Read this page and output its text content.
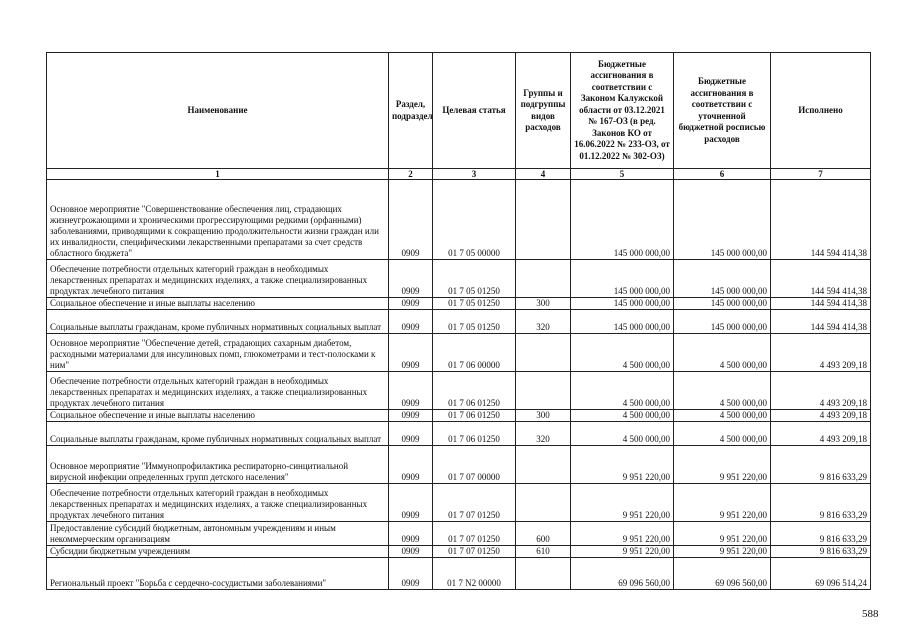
Наименование	Раздел, подраздел	Целевая статья	Группы и подгруппы видов расходов	Бюджетные ассигнования в соответствии с Законом Калужской области от 03.12.2021 № 167-ОЗ (в ред. Законов КО от 16.06.2022 № 233-ОЗ, от 01.12.2022 № 302-ОЗ)	Бюджетные ассигнования в соответствии с уточненной бюджетной росписью расходов	Исполнено
1	2	3	4	5	6	7
Основное мероприятие "Совершенствование обеспечения лиц, страдающих жизнеугрожающими и хроническими прогрессирующими редкими (орфанными) заболеваниями, приводящими к сокращению продолжительности жизни граждан или их инвалидности, специфическими лекарственными препаратами за счет средств областного бюджета"	0909	01 7 05 00000		145 000 000,00	145 000 000,00	144 594 414,38
Обеспечение потребности отдельных категорий граждан в необходимых лекарственных препаратах и медицинских изделиях, а также специализированных продуктах лечебного питания	0909	01 7 05 01250		145 000 000,00	145 000 000,00	144 594 414,38
Социальное обеспечение и иные выплаты населению	0909	01 7 05 01250	300	145 000 000,00	145 000 000,00	144 594 414,38
Социальные выплаты гражданам, кроме публичных нормативных социальных выплат	0909	01 7 05 01250	320	145 000 000,00	145 000 000,00	144 594 414,38
Основное мероприятие "Обеспечение детей, страдающих сахарным диабетом, расходными материалами для инсулиновых помп, глюкометрами и тест-полосками к ним"	0909	01 7 06 00000		4 500 000,00	4 500 000,00	4 493 209,18
Обеспечение потребности отдельных категорий граждан в необходимых лекарственных препаратах и медицинских изделиях, а также специализированных продуктах лечебного питания	0909	01 7 06 01250		4 500 000,00	4 500 000,00	4 493 209,18
Социальное обеспечение и иные выплаты населению	0909	01 7 06 01250	300	4 500 000,00	4 500 000,00	4 493 209,18
Социальные выплаты гражданам, кроме публичных нормативных социальных выплат	0909	01 7 06 01250	320	4 500 000,00	4 500 000,00	4 493 209,18
Основное мероприятие "Иммунопрофилактика респираторно-синцитиальной вирусной инфекции определенных групп детского населения"	0909	01 7 07 00000		9 951 220,00	9 951 220,00	9 816 633,29
Обеспечение потребности отдельных категорий граждан в необходимых лекарственных препаратах и медицинских изделиях, а также специализированных продуктах лечебного питания	0909	01 7 07 01250		9 951 220,00	9 951 220,00	9 816 633,29
Предоставление субсидий бюджетным, автономным учреждениям и иным некоммерческим организациям	0909	01 7 07 01250	600	9 951 220,00	9 951 220,00	9 816 633,29
Субсидии бюджетным учреждениям	0909	01 7 07 01250	610	9 951 220,00	9 951 220,00	9 816 633,29
Региональный проект "Борьба с сердечно-сосудистыми заболеваниями"	0909	01 7 N2 00000		69 096 560,00	69 096 560,00	69 096 514,24
588
